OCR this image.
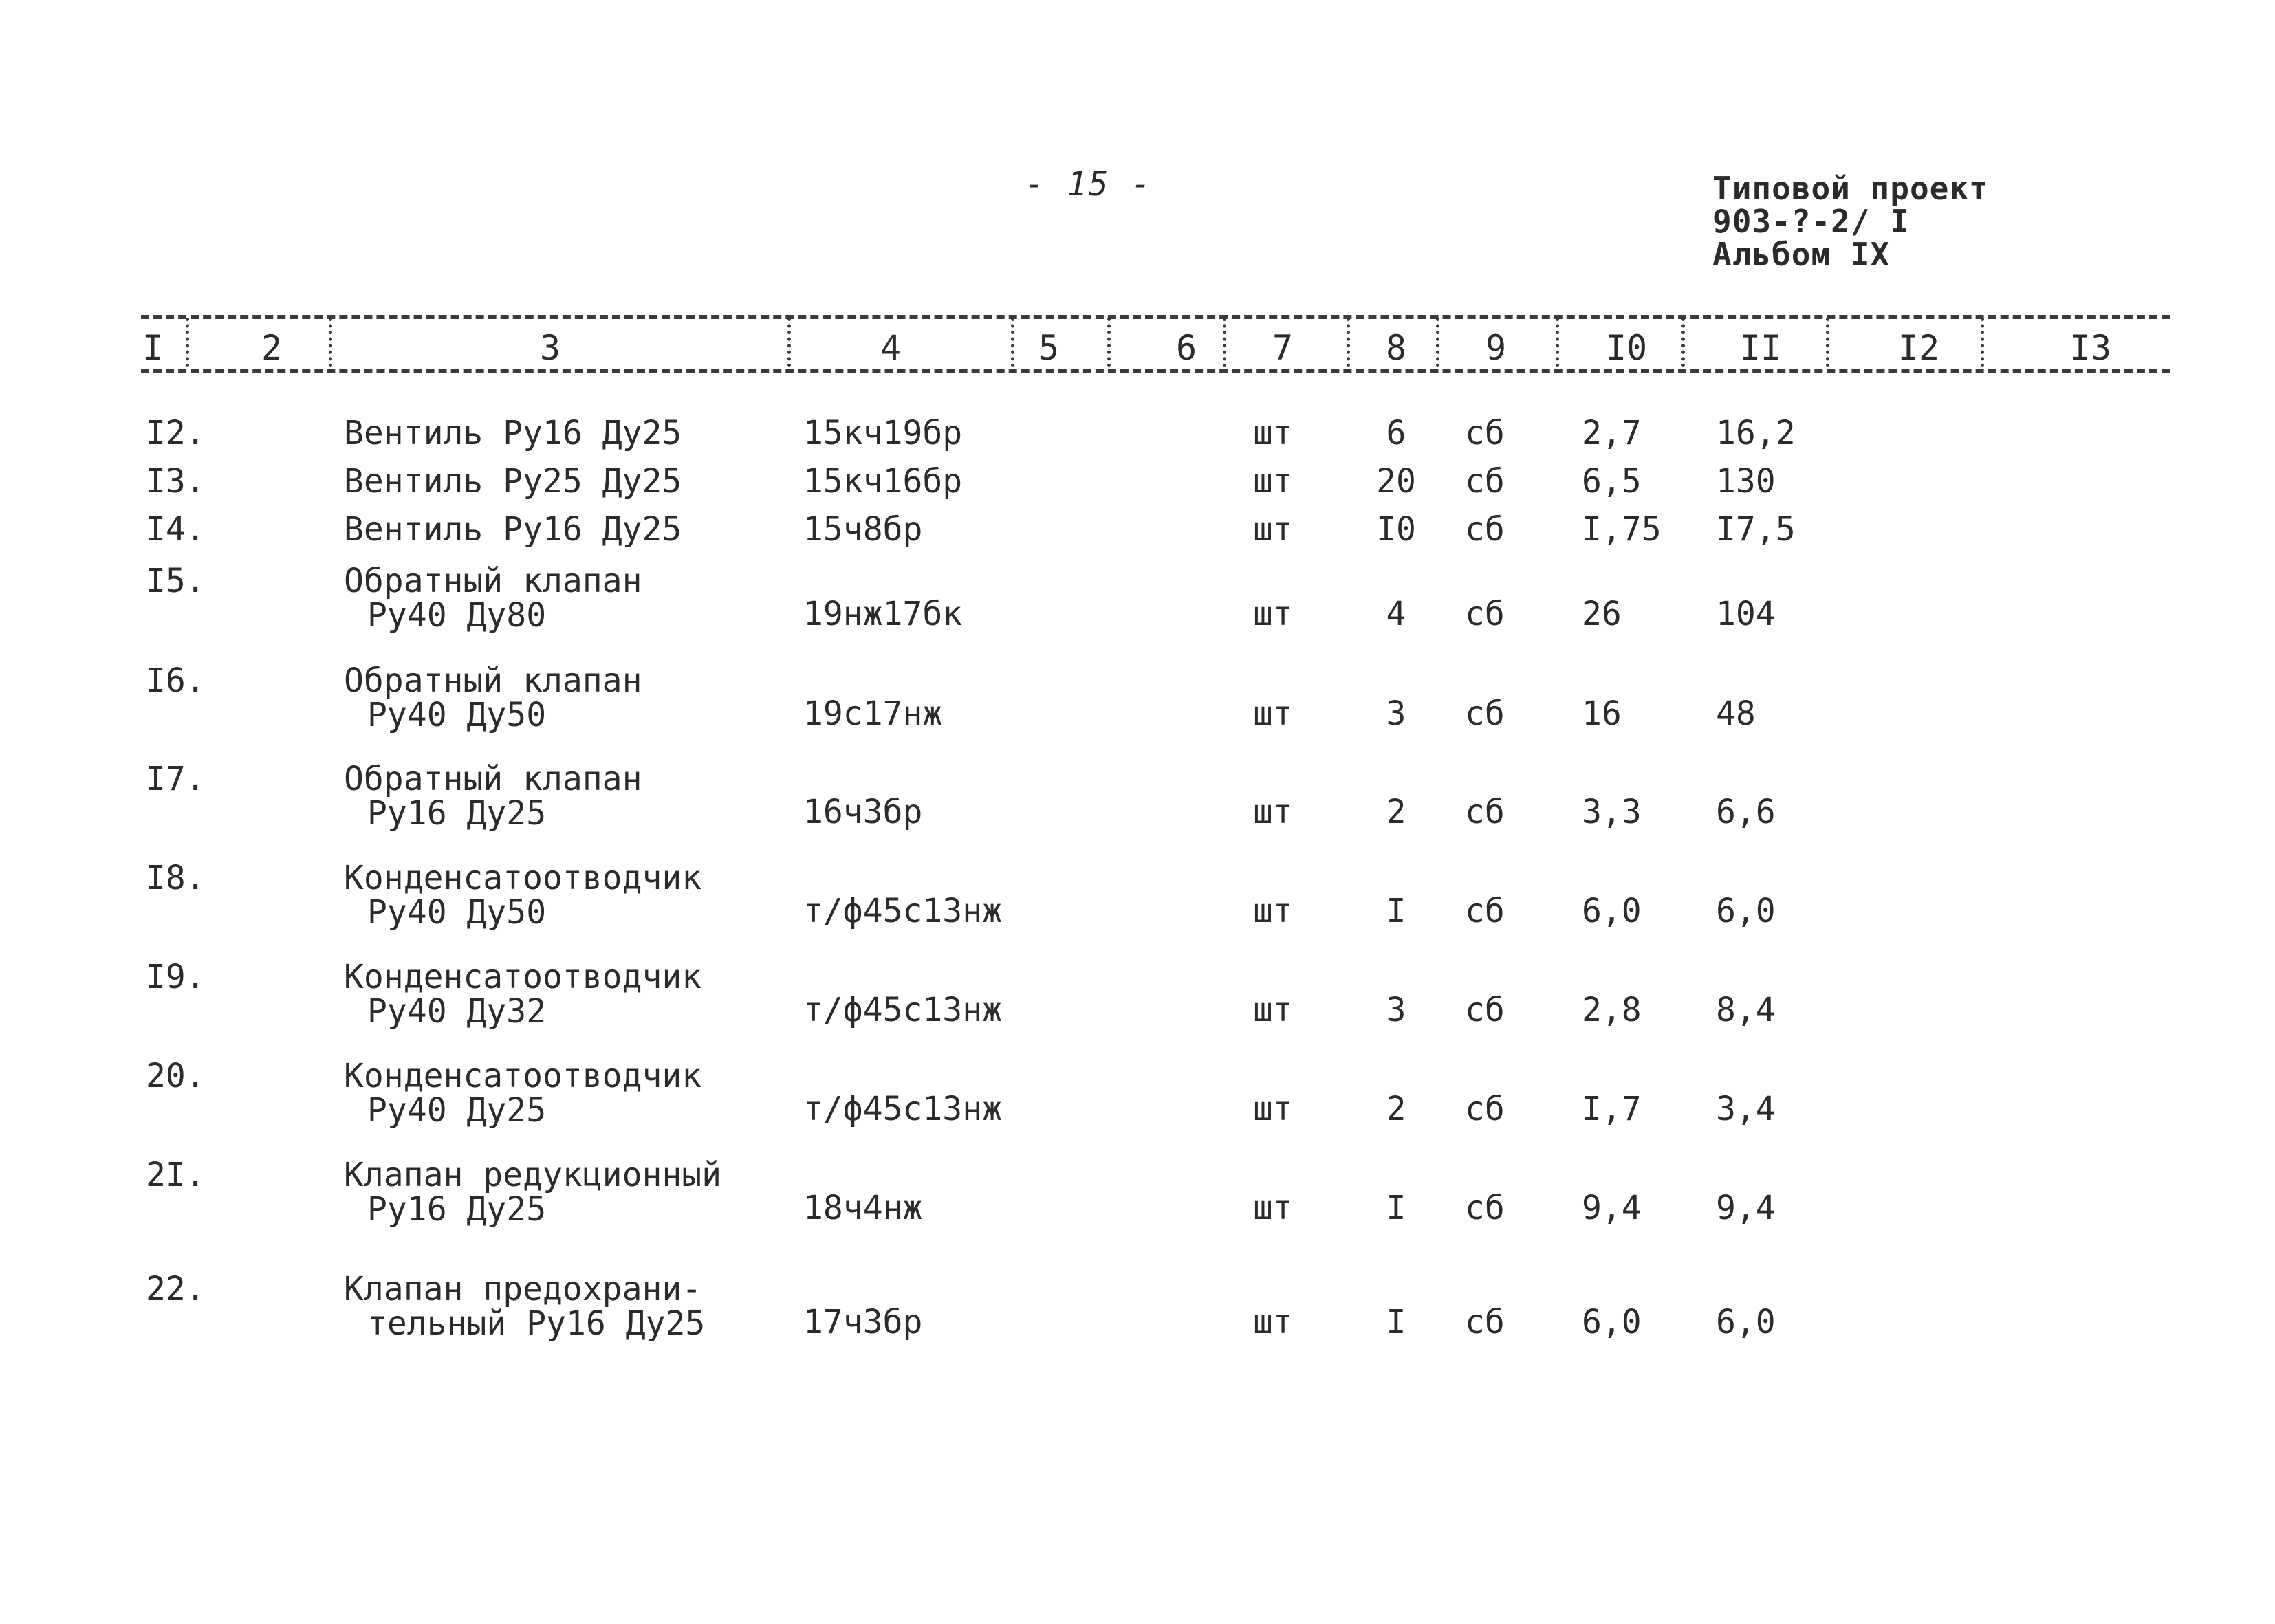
- 15 -	Типовой проект
903-?-2/ I
Альбом IX
I	2	3	4	5	6 7	8 9	I0	II	I2	I3
I2.	Вентиль Ру16 Ду25	15кч19бр	шт	6	сб 2,7 16,2
I3.	Вентиль Ру25 Ду25	15кч16бр	шт	20 сб 6,5 130
I4.	Вентиль Ру16 Ду25	15ч8бр	шт	I0 сб I,75 I7,5
I5.	Обратный клапан
Ру40 Ду80	19нж17бк	шт	4	сб 26	104
I6.	Обратный клапан
Ру40 Ду50	19с17нж	шт	3	сб 16	48
I7.	Обратный клапан
Ру16 Ду25	16ч3бр	шт	2	сб 3,3 6,6
I8.	Конденсатоотводчик
Ру40 Ду50	т/ф45с13нж	шт	I	сб 6,0 6,0
I9.	Конденсатоотводчик
Ру40 Ду32	т/ф45с13нж	шт	3	сб 2,8 8,4
20.	Конденсатоотводчик
Ру40 Ду25	т/ф45с13нж	шт	2	сб I,7 3,4
2I.	Клапан редукционный
Ру16 Ду25	18ч4нж	шт	I	сб 9,4 9,4
22.	Клапан предохрани-
тельный Ру16 Ду25	17ч3бр	шт	I	сб 6,0 6,0
